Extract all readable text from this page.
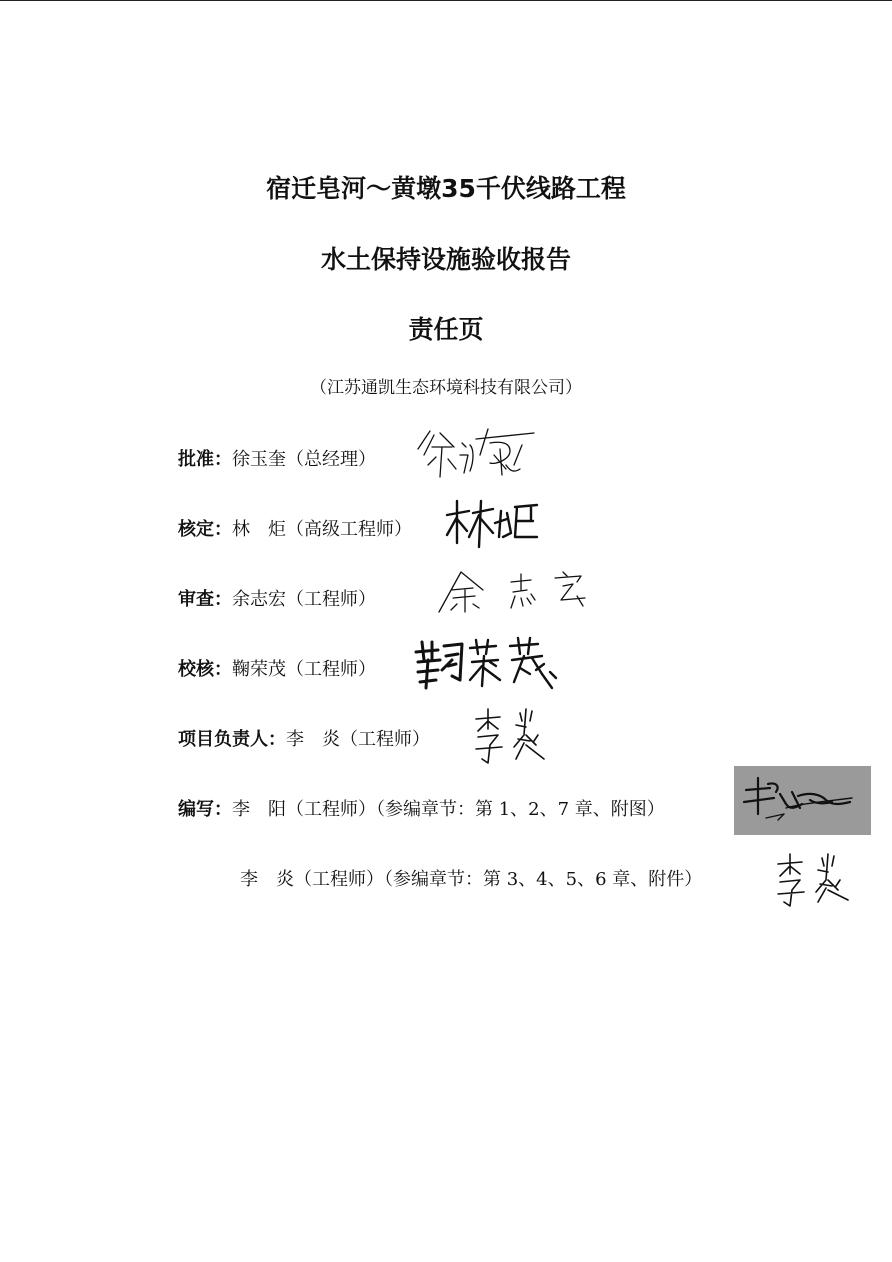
宿迁皂河～黄墩35千伏线路工程
水土保持设施验收报告
责任页
（江苏通凯生态环境科技有限公司）
批准：徐玉奎（总经理）
核定：林　炬（高级工程师）
审查：余志宏（工程师）
校核：鞠荣茂（工程师）
项目负责人：李　炎（工程师）
编写：李　阳（工程师）（参编章节：第 1、2、7 章、附图）
李　炎（工程师）（参编章节：第 3、4、5、6 章、附件）
